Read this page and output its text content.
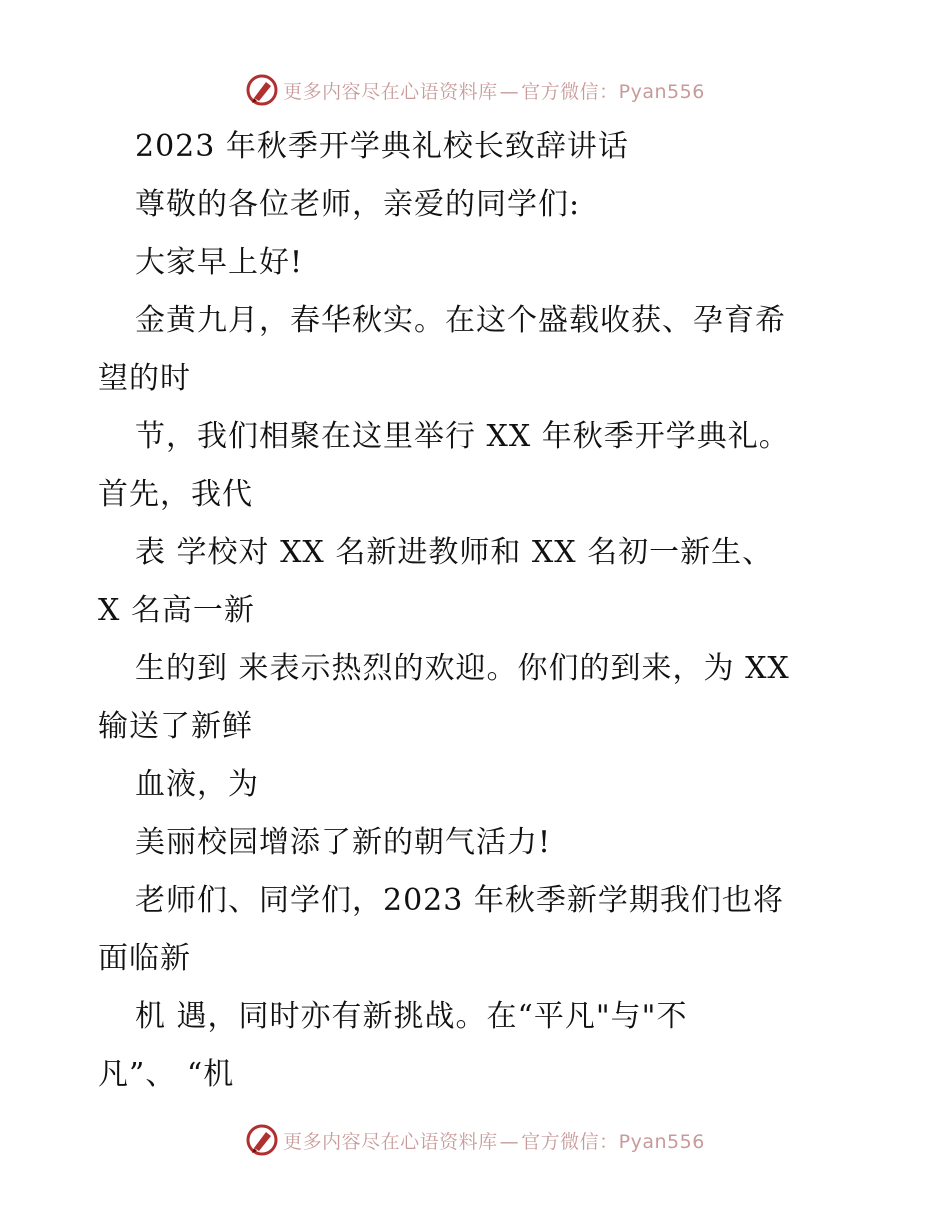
更多内容尽在心语资料库 — 官方微信：Pyan556
2023 年秋季开学典礼校长致辞讲话
尊敬的各位老师，亲爱的同学们:
大家早上好!
金黄九月，春华秋实。在这个盛载收获、孕育希
望的时
节，我们相聚在这里举行 XX 年秋季开学典礼。
首先，我代
表 学校对 XX 名新进教师和 XX 名初一新生、
X 名高一新
生的到 来表示热烈的欢迎。你们的到来，为 XX
输送了新鲜
血液，为
美丽校园增添了新的朝气活力!
老师们、同学们，2023 年秋季新学期我们也将
面临新
机 遇，同时亦有新挑战。在“平凡"与"不
凡”、 “机
更多内容尽在心语资料库 — 官方微信：Pyan556
